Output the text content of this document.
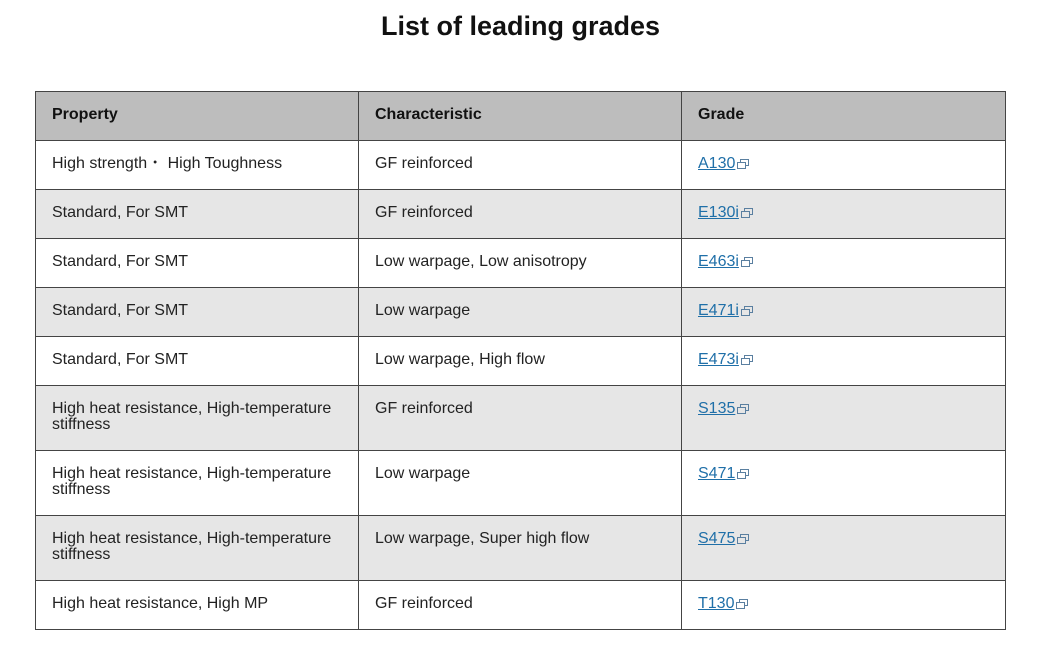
List of leading grades
Property	Characteristic	Grade
High strength・ High Toughness	GF reinforced	A130

Standard, For SMT	GF reinforced	E130i

Standard, For SMT	Low warpage, Low anisotropy	E463i

Standard, For SMT	Low warpage	E471i

Standard, For SMT	Low warpage, High flow	E473i

High heat resistance, High-temperature stiffness	GF reinforced	S135

High heat resistance, High-temperature stiffness	Low warpage	S471

High heat resistance, High-temperature stiffness	Low warpage, Super high flow	S475

High heat resistance, High MP	GF reinforced	T130
